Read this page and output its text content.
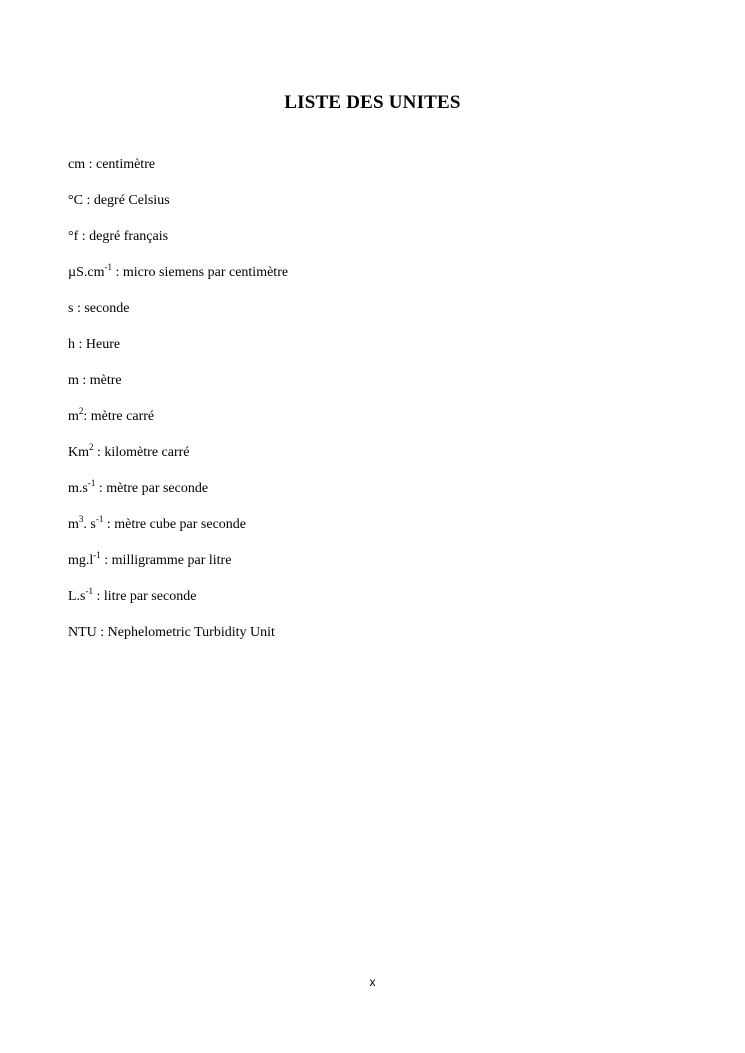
LISTE DES UNITES
cm : centimètre
°C : degré Celsius
°f : degré français
$\mu S.cm^{-1}$ : micro siemens par centimètre
s : seconde
h : Heure
m : mètre
$m^2$: mètre carré
Km$^2$ : kilomètre carré
$m.s^{-1}$ : mètre par seconde
$m^3$. $s^{-1}$ : mètre cube par seconde
$mg.l^{-1}$ : milligramme par litre
$L.s^{-1}$ : litre par seconde
NTU : Nephelometric Turbidity Unit
x
